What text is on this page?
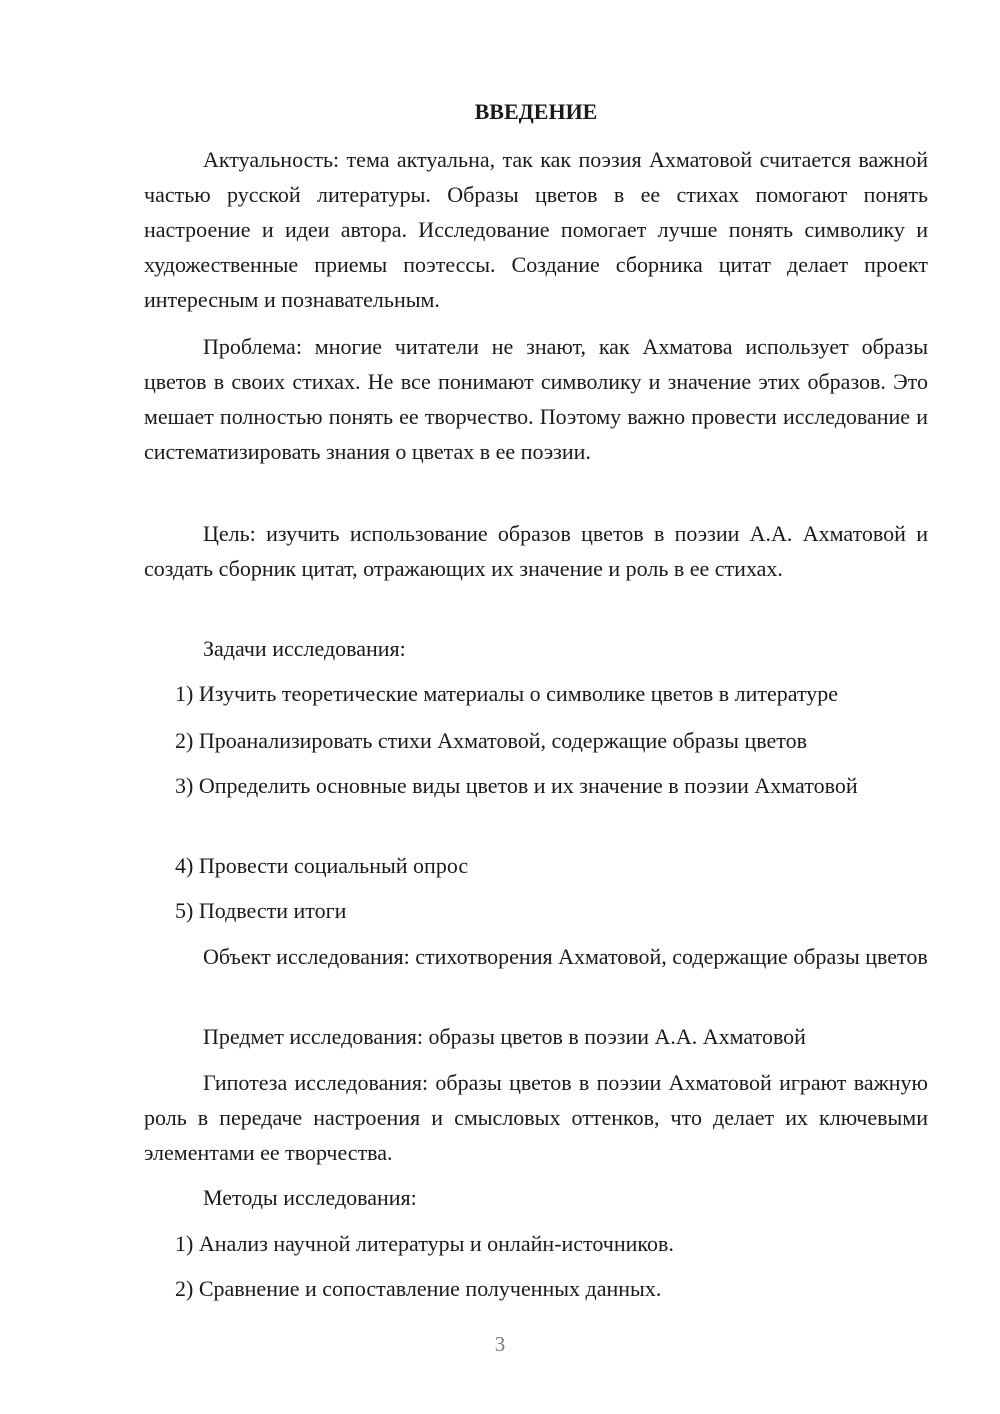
ВВЕДЕНИЕ
Актуальность: тема актуальна, так как поэзия Ахматовой считается важной частью русской литературы. Образы цветов в ее стихах помогают понять настроение и идеи автора. Исследование помогает лучше понять символику и художественные приемы поэтессы. Создание сборника цитат делает проект интересным и познавательным.
Проблема: многие читатели не знают, как Ахматова использует образы цветов в своих стихах. Не все понимают символику и значение этих образов. Это мешает полностью понять ее творчество. Поэтому важно провести исследование и систематизировать знания о цветах в ее поэзии.
Цель: изучить использование образов цветов в поэзии А.А. Ахматовой и создать сборник цитат, отражающих их значение и роль в ее стихах.
Задачи исследования:
1) Изучить теоретические материалы о символике цветов в литературе
2) Проанализировать стихи Ахматовой, содержащие образы цветов
3) Определить основные виды цветов и их значение в поэзии Ахматовой
4) Провести социальный опрос
5) Подвести итоги
Объект исследования: стихотворения Ахматовой, содержащие образы цветов
Предмет исследования: образы цветов в поэзии А.А. Ахматовой
Гипотеза исследования: образы цветов в поэзии Ахматовой играют важную роль в передаче настроения и смысловых оттенков, что делает их ключевыми элементами ее творчества.
Методы исследования:
1) Анализ научной литературы и онлайн-источников.
2) Сравнение и сопоставление полученных данных.
3
